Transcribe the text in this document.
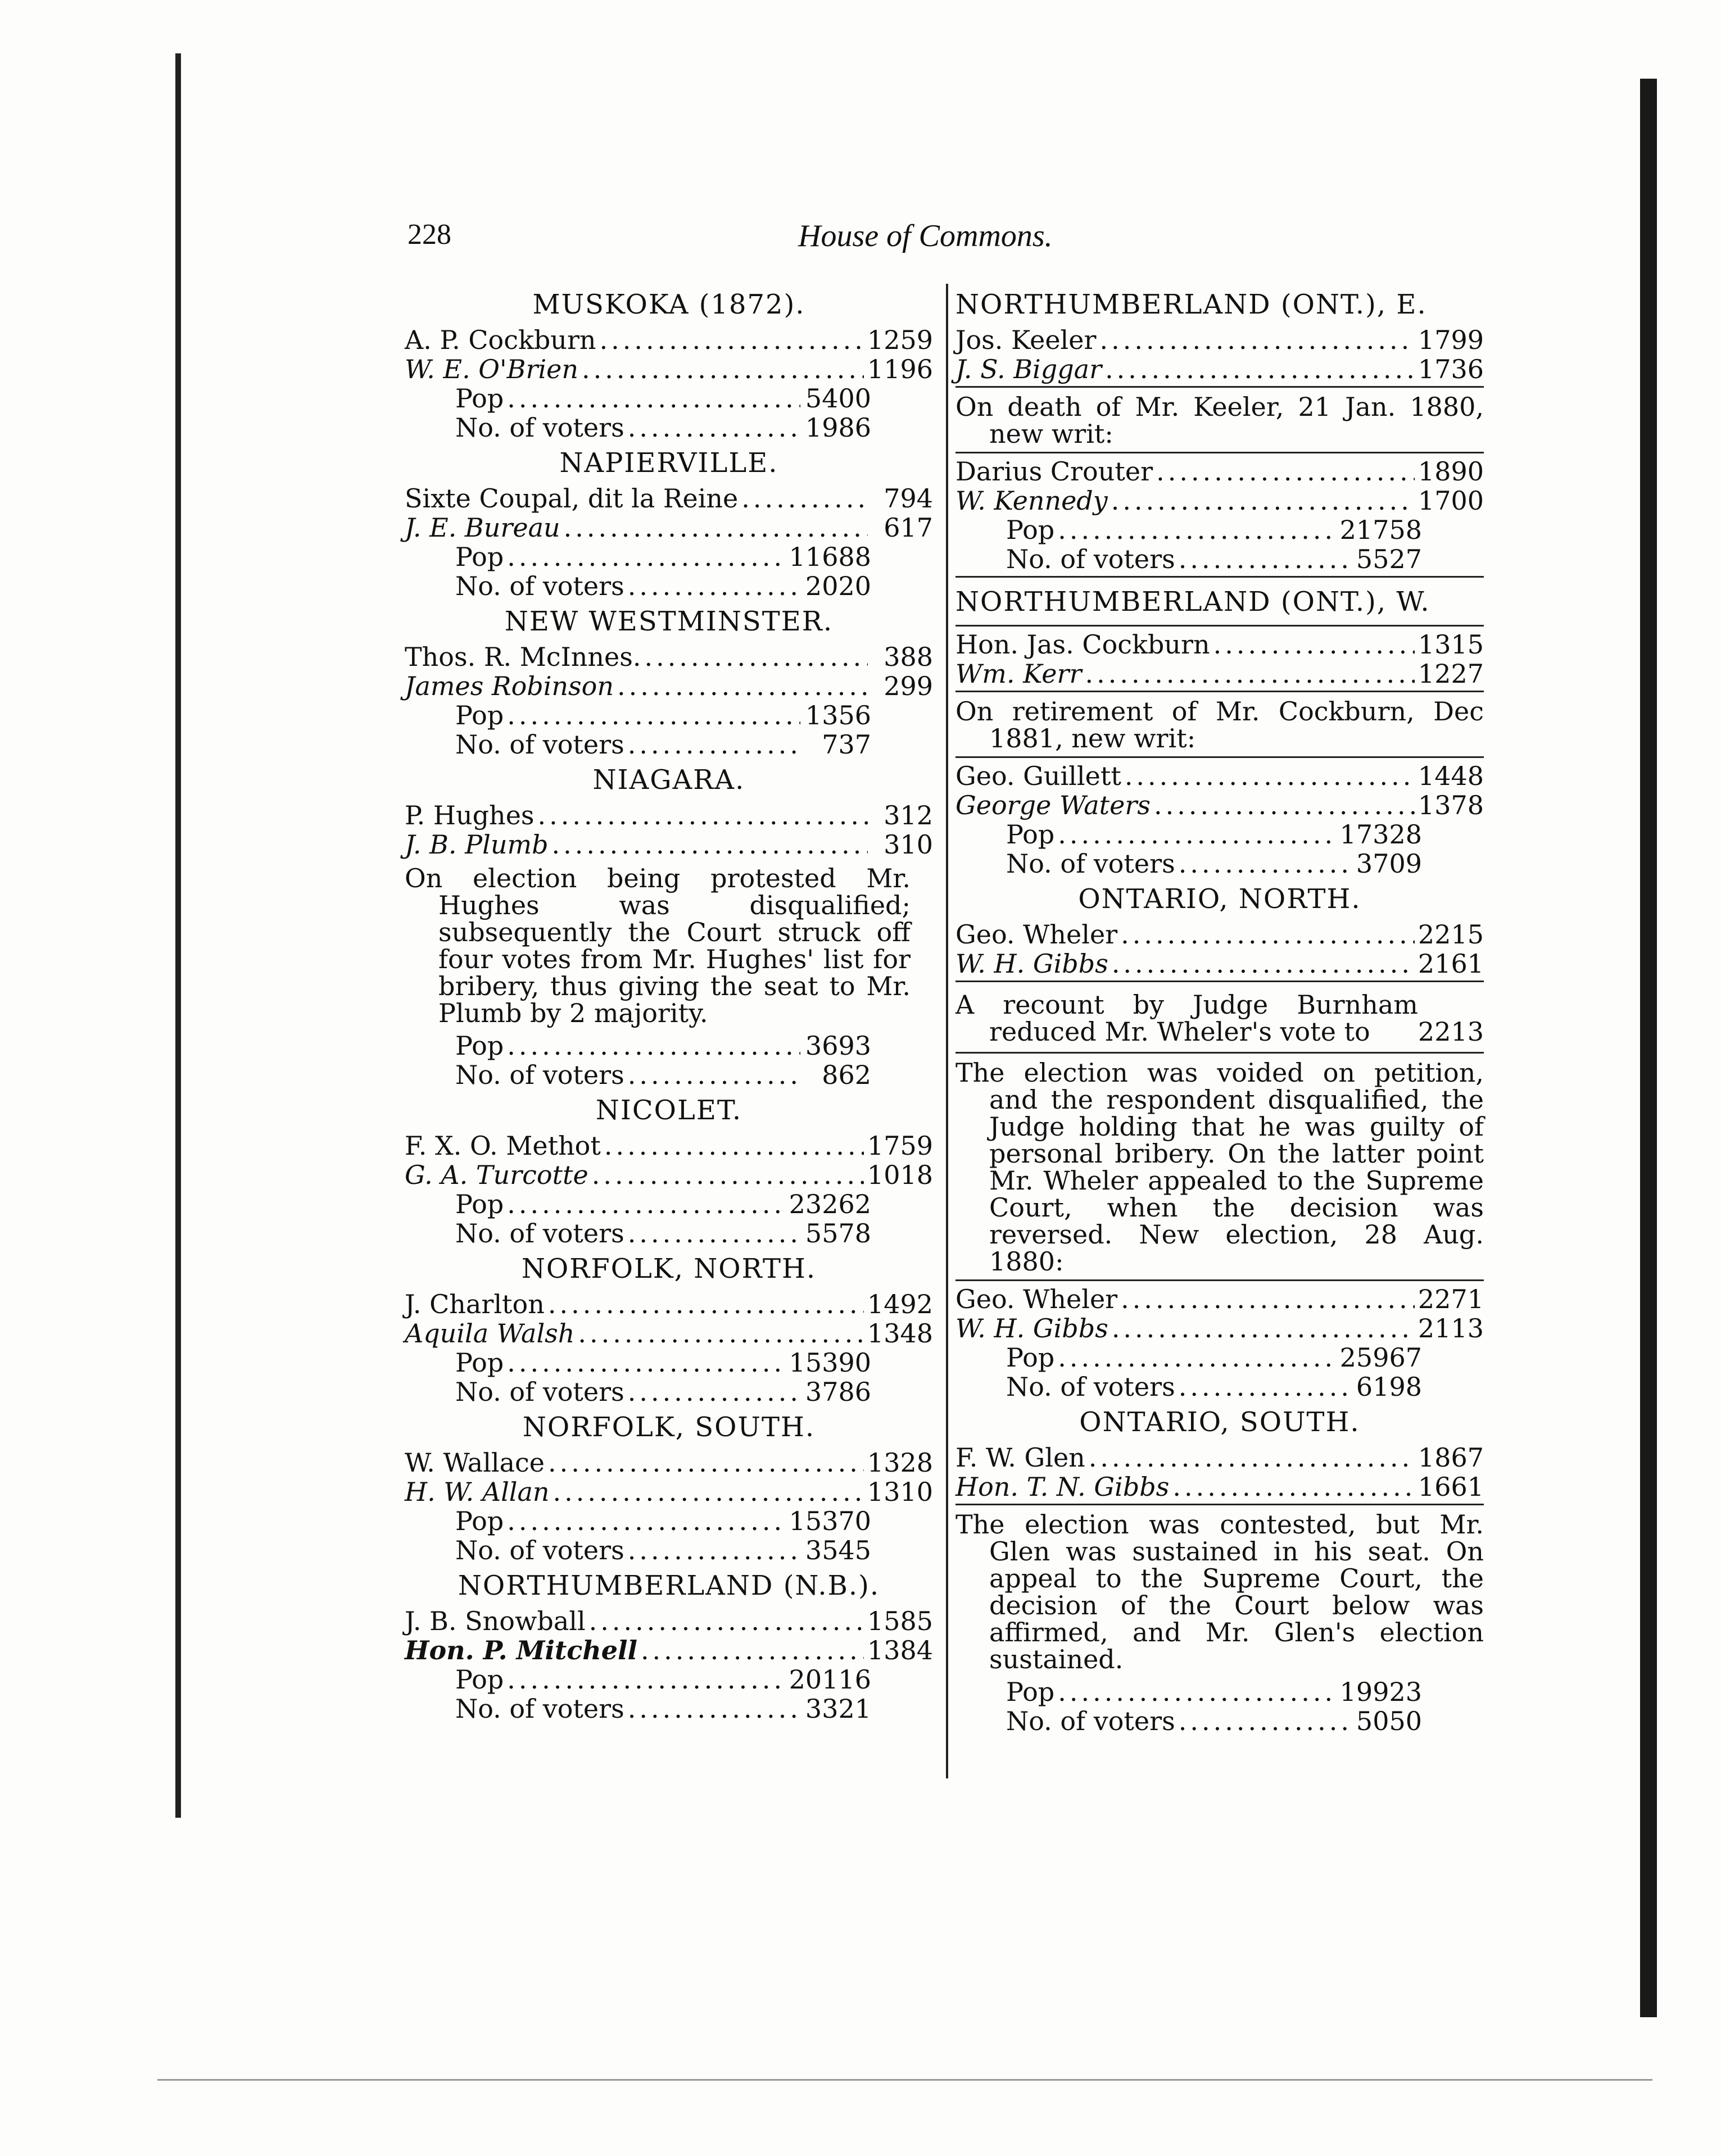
228	House of Commons.
MUSKOKA (1872).
A. P. Cockburn .....	1259
W. E. O'Brien .....	1196
Pop .....	5400
No. of voters .....	1986
NAPIERVILLE.
Sixte Coupal, dit la Reine .....	794
J. E. Bureau .....	617
Pop .....	11688
No. of voters .....	2020
NEW WESTMINSTER.
Thos. R. McInnes. .....	388
James Robinson .....	299
Pop .....	1356
No. of voters .....	737
NIAGARA.
P. Hughes .....	312
J. B. Plumb .....	310
On election being protested Mr. Hughes was disqualified; subsequently the Court struck off four votes from Mr. Hughes' list for bribery, thus giving the seat to Mr. Plumb by 2 majority.
Pop .....	3693
No. of voters .....	862
NICOLET.
F. X. O. Methot .....	1759
G. A. Turcotte .....	1018
Pop .....	23262
No. of voters .....	5578
NORFOLK, NORTH.
J. Charlton .....	1492
Aquila Walsh .....	1348
Pop .....	15390
No. of voters .....	3786
NORFOLK, SOUTH.
W. Wallace .....	1328
H. W. Allan .....	1310
Pop .....	15370
No. of voters .....	3545
NORTHUMBERLAND (N.B.).
J. B. Snowball .....	1585
Hon. P. Mitchell .....	1384
Pop .....	20116
No. of voters .....	3321
NORTHUMBERLAND (ONT.), E.
Jos. Keeler .....	1799
J. S. Biggar .....	1736
On death of Mr. Keeler, 21 Jan. 1880, new writ:
Darius Crouter .....	1890
W. Kennedy .....	1700
Pop .....	21758
No. of voters .....	5527
NORTHUMBERLAND (ONT.), W.
Hon. Jas. Cockburn .....	1315
Wm. Kerr .....	1227
On retirement of Mr. Cockburn, Dec 1881, new writ:
Geo. Guillett .....	1448
George Waters .....	1378
Pop .....	17328
No. of voters .....	3709
ONTARIO, NORTH.
Geo. Wheler .....	2215
W. H. Gibbs .....	2161
A recount by Judge Burnham reduced Mr. Wheler's vote to	2213
The election was voided on petition, and the respondent disqualified, the Judge holding that he was guilty of personal bribery. On the latter point Mr. Wheler appealed to the Supreme Court, when the decision was reversed. New election, 28 Aug. 1880:
Geo. Wheler .....	2271
W. H. Gibbs .....	2113
Pop .....	25967
No. of voters .....	6198
ONTARIO, SOUTH.
F. W. Glen .....	1867
Hon. T. N. Gibbs .....	1661
The election was contested, but Mr. Glen was sustained in his seat. On appeal to the Supreme Court, the decision of the Court below was affirmed, and Mr. Glen's election sustained.
Pop .....	19923
No. of voters .....	5050
